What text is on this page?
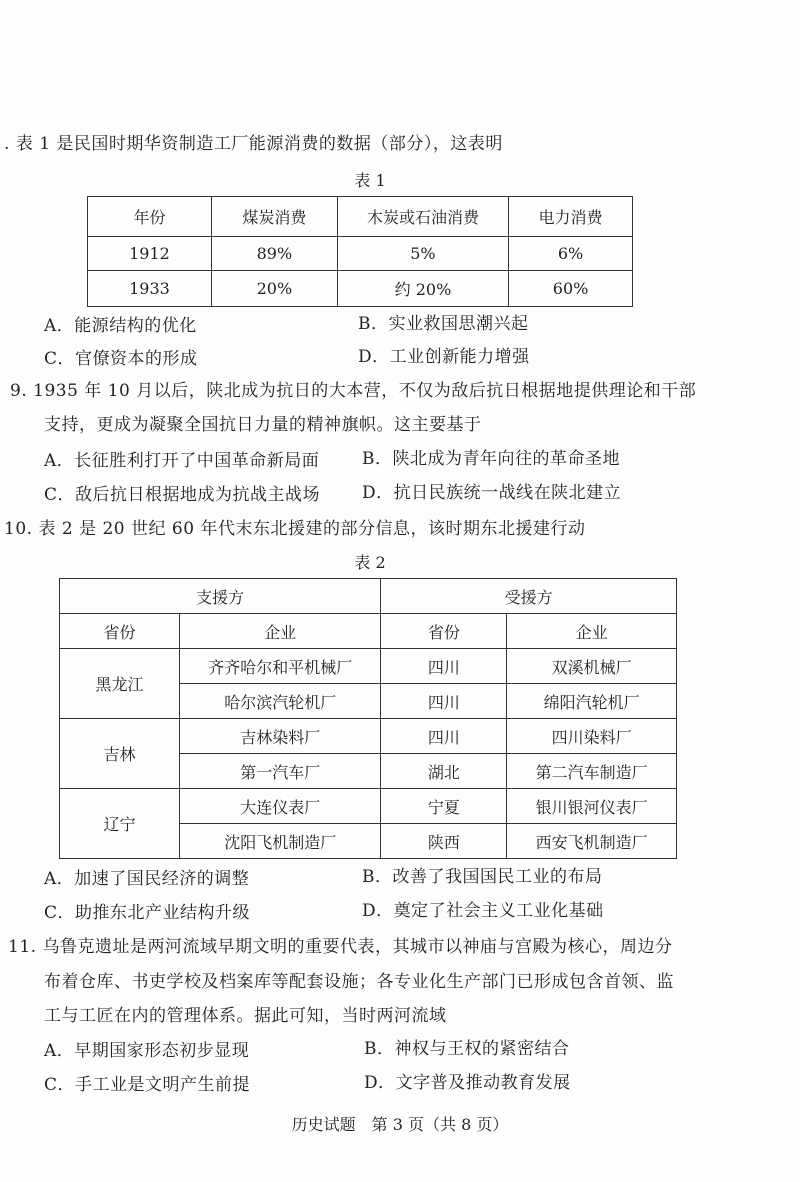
. 表 1 是民国时期华资制造工厂能源消费的数据（部分），这表明
表 1
年份	煤炭消费	木炭或石油消费	电力消费
1912	89%	5%	6%
1933	20%	约 20%	60%
A．能源结构的优化	B．实业救国思潮兴起
C．官僚资本的形成	D．工业创新能力增强
9. 1935 年 10 月以后，陕北成为抗日的大本营，不仅为敌后抗日根据地提供理论和干部
支持，更成为凝聚全国抗日力量的精神旗帜。这主要基于
A．长征胜利打开了中国革命新局面	B．陕北成为青年向往的革命圣地
C．敌后抗日根据地成为抗战主战场 D．抗日民族统一战线在陕北建立
10. 表 2 是 20 世纪 60 年代末东北援建的部分信息，该时期东北援建行动
表 2
支援方		受援方	
省份	企业	省份	企业
黑龙江	齐齐哈尔和平机械厂	四川	双溪机械厂
	哈尔滨汽轮机厂	四川	绵阳汽轮机厂
吉林	吉林染料厂	四川	四川染料厂
	第一汽车厂	湖北	第二汽车制造厂
辽宁	大连仪表厂	宁夏	银川银河仪表厂
	沈阳飞机制造厂	陕西	西安飞机制造厂
A．加速了国民经济的调整	B．改善了我国国民工业的布局
C．助推东北产业结构升级	D．奠定了社会主义工业化基础
11. 乌鲁克遗址是两河流域早期文明的重要代表，其城市以神庙与宫殿为核心，周边分
布着仓库、书吏学校及档案库等配套设施；各专业化生产部门已形成包含首领、监
工与工匠在内的管理体系。据此可知，当时两河流域
A．早期国家形态初步显现	B．神权与王权的紧密结合
C．手工业是文明产生前提	D．文字普及推动教育发展
历史试题　第 3 页（共 8 页）
